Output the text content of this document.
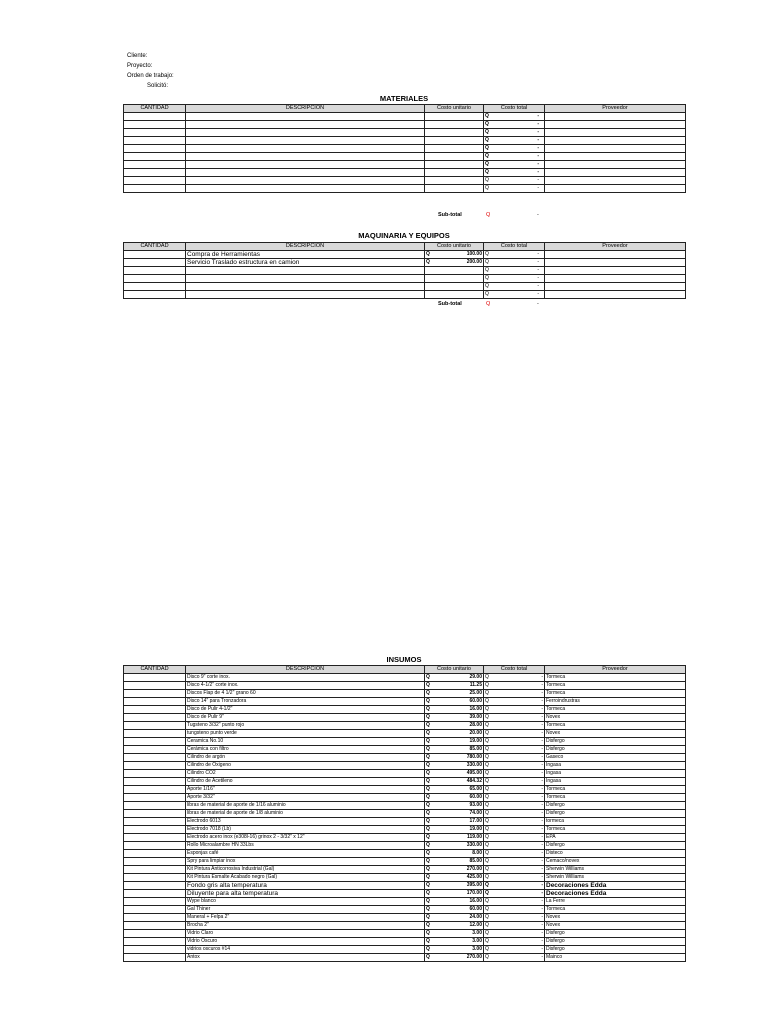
Cliente:
Proyecto:
Orden de trabajo:
Solicitó:
MATERIALES
CANTIDAD	DESCRIPCIÓN	Costo unitario	Costo total	Proveedor

			Q -	

			Q -	

			Q -	

			Q -	

			Q -	

			Q -	

			Q -	

			Q -	

			Q -	

			Q -	

Sub-total	Q	-
MAQUINARIA Y EQUIPOS
CANTIDAD	DESCRIPCIÓN	Costo unitario	Costo total	Proveedor
	Compra de Herramientas	Q 100.00	Q -	

	Servicio Traslado estructura en camion	Q 200.00	Q -	

			Q -	

			Q -	

			Q -	

			Q -	

Sub-total	Q	-
INSUMOS
CANTIDAD	DESCRIPCIÓN	Costo unitario	Costo total	Proveedor
	Disco 9" corte inox.	Q 29.00	Q -	Tormeca
	Disco 4-1/2" corte inox.	Q 11.25	Q -	Tormeca
	Discos Flap de 4 1/2'' grano 60	Q 25.00	Q -	Tormeca
	Disco 14" para Tronzadora	Q 60.00	Q -	Ferroindrustras
	Disco de Pulir 4-1/2"	Q 16.00	Q -	Tormeca
	Disco de Pulir 9"	Q 39.00	Q -	Novex
	Tugsteno 3/32" punto rojo	Q 28.00	Q -	Tormeca
	tungsteno punto verde	Q 20.00	Q -	Novex
	Ceramica No.10	Q 19.00	Q -	Disfergo
	Cerámica con filtro	Q 85.00	Q -	Disfergo
	Cilindro de argón	Q 780.00	Q -	Gaseco
	Cilindro de Oxigeno	Q 330.00	Q -	Ingasa
	Cilindro CO2	Q 495.00	Q -	Ingasa
	Cilindro de Acetileno	Q 484.32	Q -	Ingasa
	Aporte 1/16"	Q 65.00	Q -	Tormeca
	Aporte 3/32"	Q 60.00	Q -	Tormeca
	libras de material de aporte de 1/16 aluminio	Q 93.00	Q -	Disfergo
	libras de material de aporte de 1/8 aluminio	Q 74.00	Q -	Disfergo
	Electrodo 6013	Q 17.00	Q -	tormeca
	Electrodo 7018 (Lb)	Q 19.00	Q -	Tormeca
	Electrodo acero inox (e308l-16) grinox 2 - 3/32" x 12"	Q 119.00	Q -	EPA
	Rollo Microalambre HN 33Lbs	Q 330.00	Q -	Disfergo
	Esponjas café	Q 8.00	Q -	Disteco
	Spry para limpiar inox	Q 85.00	Q -	Cemaco/novex
	Kit Pintura Anticorrosiva Industrial (Gal)	Q 270.00	Q -	Sherwin Williams
	Kit Pintura Esmalte Acabado negro (Gal)	Q 425.00	Q -	Sherwin Williams
	Fondo gris alta temperatura	Q 395.00	Q -	Decoraciones Edda
	Diluyente para alta temperatura	Q 170.00	Q -	Decoraciones Edda
	Wype blanco	Q 16.00	Q -	La Ferre
	Gal Thiner	Q 60.00	Q -	Tormeca
	Maneral + Felpa 2"	Q 24.00	Q -	Novex
	Brocha 2"	Q 12.00	Q -	Novex
	Vidrio Claro	Q 3.00	Q -	Disfergo
	Vidrio Oscuro	Q 3.00	Q -	Disfergo
	vidrios oscuros #14	Q 3.00	Q -	Disfergo
	Antox	Q 270.00	Q -	Mainco
